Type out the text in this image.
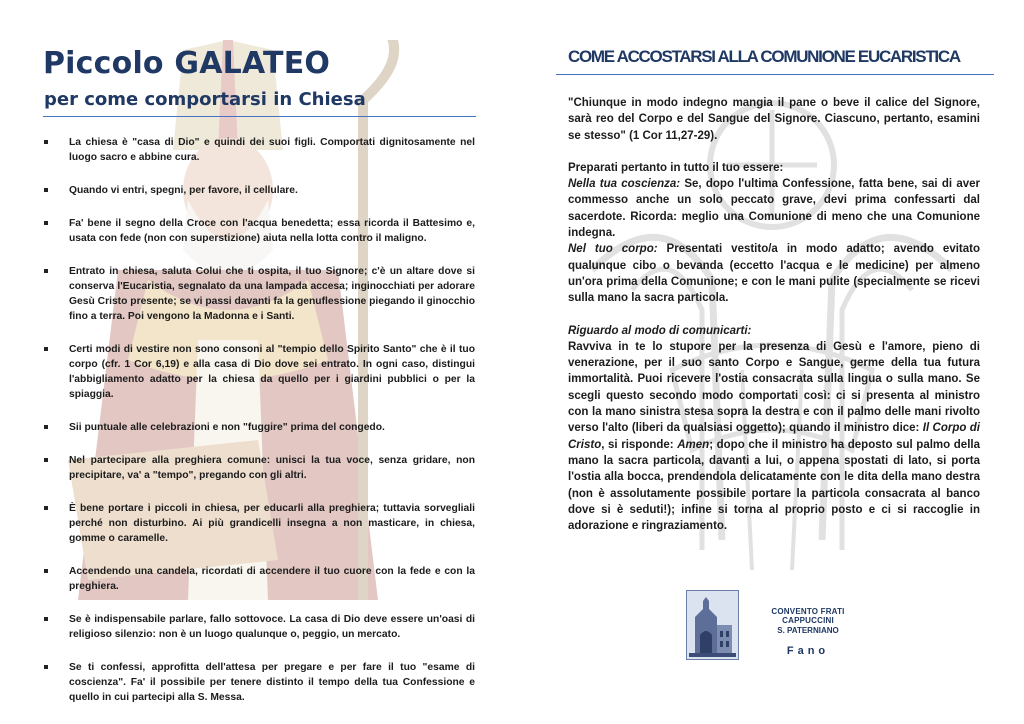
Piccolo GALATEO
per come comportarsi in Chiesa
La chiesa è "casa di Dio" e quindi dei suoi figli. Comportati dignitosamente nel luogo sacro e abbine cura.
Quando vi entri, spegni, per favore, il cellulare.
Fa' bene il segno della Croce con l'acqua benedetta; essa ricorda il Battesimo e, usata con fede (non con superstizione) aiuta nella lotta contro il maligno.
Entrato in chiesa, saluta Colui che ti ospita, il tuo Signore; c'è un altare dove si conserva l'Eucaristia, segnalato da una lampada accesa; inginocchiati per adorare Gesù Cristo presente; se vi passi davanti fa la genuflessione piegando il ginocchio fino a terra. Poi vengono la Madonna e i Santi.
Certi modi di vestire non sono consoni al "tempio dello Spirito Santo" che è il tuo corpo (cfr. 1 Cor 6,19) e alla casa di Dio dove sei entrato. In ogni caso, distingui l'abbigliamento adatto per la chiesa da quello per i giardini pubblici o per la spiaggia.
Sii puntuale alle celebrazioni e non "fuggire" prima del congedo.
Nel partecipare alla preghiera comune: unisci la tua voce, senza gridare, non precipitare, va' a "tempo", pregando con gli altri.
È bene portare i piccoli in chiesa, per educarli alla preghiera; tuttavia sorvegliali perché non disturbino. Ai più grandicelli insegna a non masticare, in chiesa, gomme o caramelle.
Accendendo una candela, ricordati di accendere il tuo cuore con la fede e con la preghiera.
Se è indispensabile parlare, fallo sottovoce. La casa di Dio deve essere un'oasi di religioso silenzio: non è un luogo qualunque o, peggio, un mercato.
Se ti confessi, approfitta dell'attesa per pregare e per fare il tuo "esame di coscienza". Fa' il possibile per tenere distinto il tempo della tua Confessione e quello in cui partecipi alla S. Messa.
COME ACCOSTARSI ALLA COMUNIONE EUCARISTICA

"Chiunque in modo indegno mangia il pane o beve il calice del Signore, sarà reo del Corpo e del Sangue del Signore. Ciascuno, pertanto, esamini se stesso" (1 Cor 11,27-29).

Preparati pertanto in tutto il tuo essere:

Nella tua coscienza: Se, dopo l'ultima Confessione, fatta bene, sai di aver commesso anche un solo peccato grave, devi prima confessarti dal sacerdote. Ricorda: meglio una Comunione di meno che una Comunione indegna.

Nel tuo corpo: Presentati vestito/a in modo adatto; avendo evitato qualunque cibo o bevanda (eccetto l'acqua e le medicine) per almeno un'ora prima della Comunione; e con le mani pulite (specialmente se ricevi sulla mano la sacra particola.

Riguardo al modo di comunicarti:

Ravviva in te lo stupore per la presenza di Gesù e l'amore, pieno di venerazione, per il suo santo Corpo e Sangue, germe della tua futura immortalità. Puoi ricevere l'ostia consacrata sulla lingua o sulla mano. Se scegli questo secondo modo comportati così: ci si presenta al ministro con la mano sinistra stesa sopra la destra e con il palmo delle mani rivolto verso l'alto (liberi da qualsiasi oggetto); quando il ministro dice: Il Corpo di Cristo, si risponde: Amen; dopo che il ministro ha deposto sul palmo della mano la sacra particola, davanti a lui, o appena spostati di lato, si porta l'ostia alla bocca, prendendola delicatamente con le dita della mano destra (non è assolutamente possibile portare la particola consacrata al banco dove si è seduti!); infine si torna al proprio posto e ci si raccoglie in adorazione e ringraziamento.

CONVENTO FRATI CAPPUCCINI
S. PATERNIANO
Fano
